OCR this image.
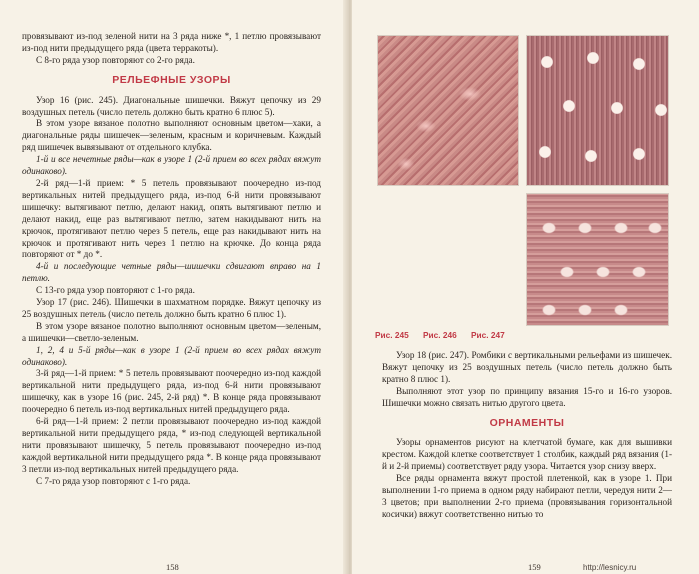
провязывают из-под зеленой нити на 3 ряда ниже *, 1 петлю провязывают из-под нити предыдущего ряда (цвета терракоты).

С 8-го ряда узор повторяют со 2-го ряда.

РЕЛЬЕФНЫЕ УЗОРЫ

Узор 16 (рис. 245). Диагональные шишечки. Вяжут цепочку из 29 воздушных петель (число петель должно быть кратно 6 плюс 5).

В этом узоре вязаное полотно выполняют основным цветом—хаки, а диагональные ряды шишечек—зеленым, красным и коричневым. Каждый ряд шишечек вывязывают от отдельного клубка.

1-й и все нечетные ряды—как в узоре 1 (2-й прием во всех рядах вяжут одинаково).

2-й ряд—1-й прием: * 5 петель провязывают поочередно из-под вертикальных нитей предыдущего ряда, из-под 6-й нити провязывают шишечку: вытягивают петлю, делают накид, опять вытягивают петлю и делают накид, еще раз вытягивают петлю, затем накидывают нить на крючок, протягивают петлю через 5 петель, еще раз накидывают нить на крючок и протягивают нить через 1 петлю на крючке. До конца ряда повторяют от * до *.

4-й и последующие четные ряды—шишечки сдвигают вправо на 1 петлю.

С 13-го ряда узор повторяют с 1-го ряда.

Узор 17 (рис. 246). Шишечки в шахматном порядке. Вяжут цепочку из 25 воздушных петель (число петель должно быть кратно 6 плюс 1).

В этом узоре вязаное полотно выполняют основным цветом—зеленым, а шишечки—светло-зеленым.

1, 2, 4 и 5-й ряды—как в узоре 1 (2-й прием во всех рядах вяжут одинаково).

3-й ряд—1-й прием: * 5 петель провязывают поочередно из-под каждой вертикальной нити предыдущего ряда, из-под 6-й нити провязывают шишечку, как в узоре 16 (рис. 245, 2-й ряд) *. В конце ряда провязывают поочередно 6 петель из-под вертикальных нитей предыдущего ряда.

6-й ряд—1-й прием: 2 петли провязывают поочередно из-под каждой вертикальной нити предыдущего ряда, * из-под следующей вертикальной нити провязывают шишечку, 5 петель провязывают поочередно из-под каждой вертикальной нити предыдущего ряда *. В конце ряда провязывают 3 петли из-под вертикальных нитей предыдущего ряда.

С 7-го ряда узор повторяют с 1-го ряда.

158	159
Рис. 245 Рис. 246 Рис. 247

Узор 18 (рис. 247). Ромбики с вертикальными рельефами из шишечек. Вяжут цепочку из 25 воздушных петель (число петель должно быть кратно 8 плюс 1).

Выполняют этот узор по принципу вязания 15-го и 16-го узоров. Шишечки можно связать нитью другого цвета.

ОРНАМЕНТЫ

Узоры орнаментов рисуют на клетчатой бумаге, как для вышивки крестом. Каждой клетке соответствует 1 столбик, каждый ряд вязания (1-й и 2-й приемы) соответствует ряду узора. Читается узор снизу вверх.

Все ряды орнамента вяжут простой плетенкой, как в узоре 1. При выполнении 1-го приема в одном ряду набирают петли, чередуя нити 2—3 цветов; при выполнении 2-го приема (провязывания горизонтальной косички) вяжут соответственно нитью то

http://lesnicy.ru
